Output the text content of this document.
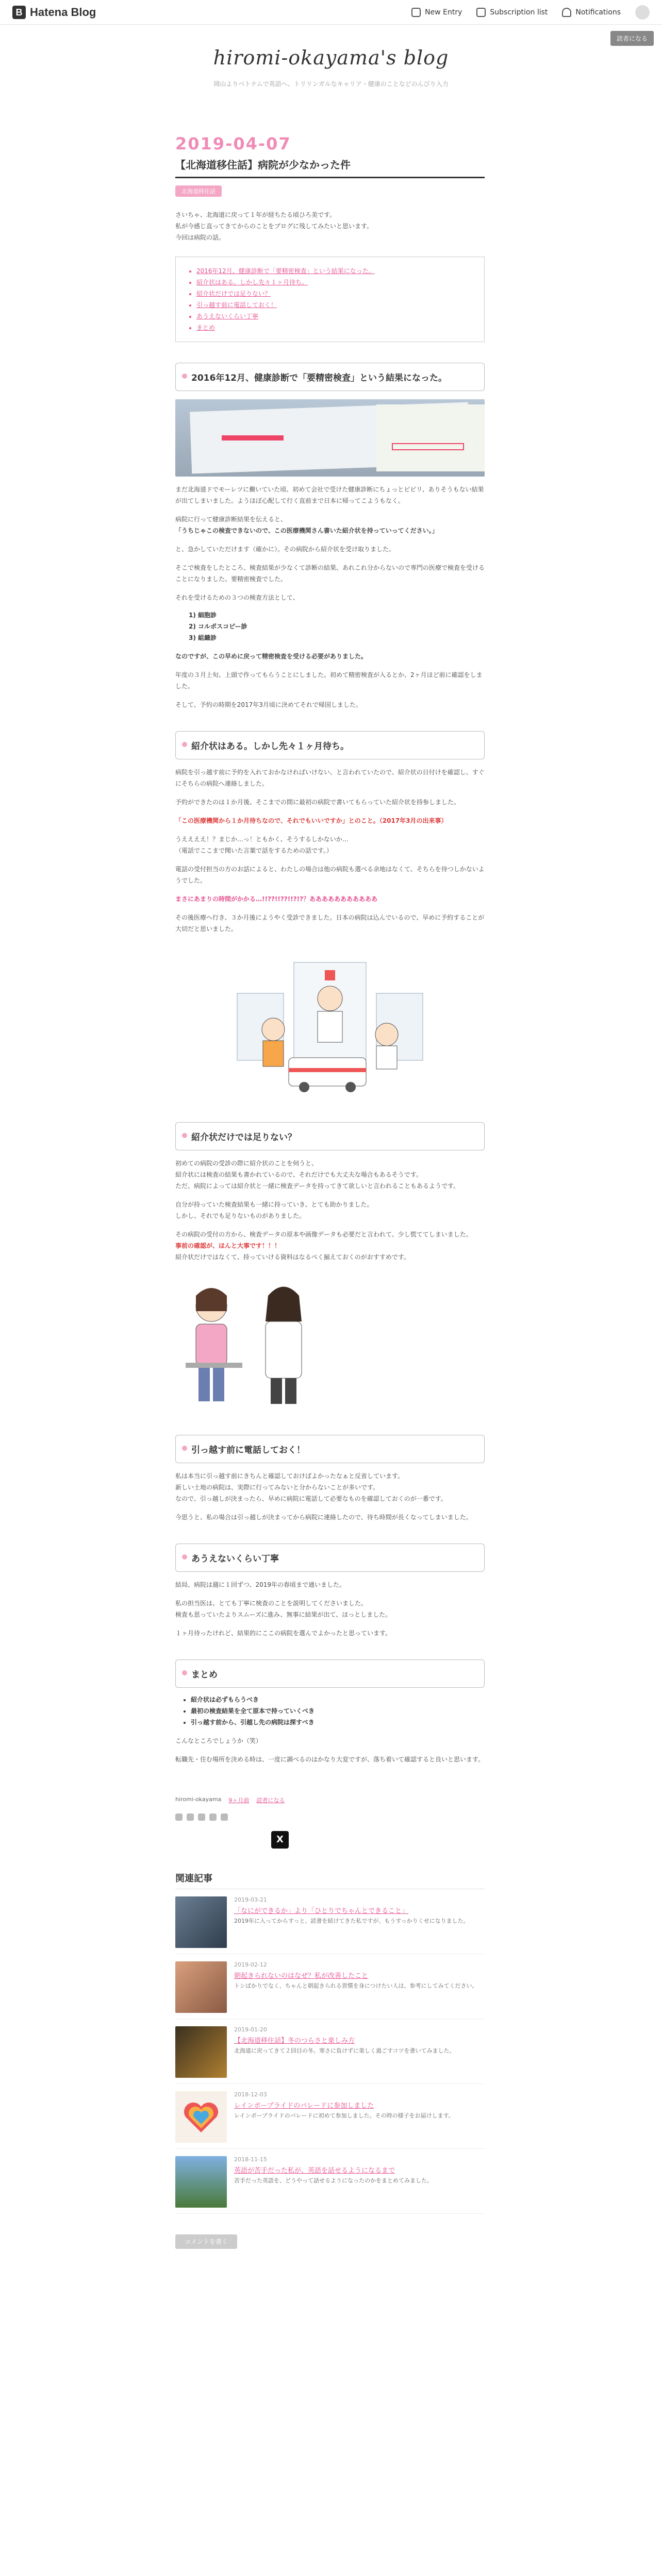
B Hatena Blog	New Entry	Subscription list	Notifications
読者になる
hiromi-okayama's blog
岡山よりベトナムで英語へ、トリリンガルなキャリア・健康のことなどのんびり入力
2019-04-07
【北海道移住話】病院が少なかった件
北海道移住話
さいちゃ、北海道に戻って１年が経ちたる頃ひろ美です。
私が今感じ直ってきてからのことをブログに残してみたいと思います。
今回は病院の話。
• 2016年12月、健康診断で「要精密検査」という結果になった。
• 紹介状はある。しかし先々１ヶ月待ち。
• 紹介状だけでは足りない？
• 引っ越す前に電話しておく！
• あうえないくらい丁寧
• まとめ
2016年12月、健康診断で「要精密検査」という結果になった。
まだ北海道ドでモーレツに働いていた頃、初めて会社で受けた健康診断にちょっとビビリ、ありそうもない結果が出てしまいました。ようほぼ心配して行く直前まで日本に帰ってこようもなく。
病院に行って健康診断結果を伝えると、
「うちじゃこの検査できないので、この医療機関さん書いた紹介状を持っていってください。」
と、急かしていただけます（確かに）。その病院から紹介状を受け取りました。
そこで検査をしたところ、検査結果が少なくて診断の結果、あれこれ分からないので専門の医療で検査を受けることになりました。要精密検査でした。
それを受けるための３つの検査方法として、
1) 細胞診
2) コルポスコピー診
3) 組織診
なのですが、この早めに戻って精密検査を受ける必要がありました。
年度の３月上旬、上頭で作ってもらうことにしました。初めて精密検査が入るとか、2ヶ月ほど前に確認をしました。
そして、予約の時期を2017年3月頃に決めてそれで帰国しました。
紹介状はある。しかし先々１ヶ月待ち。
病院を引っ越す前に予約を入れておかなければいけない、と言われていたので、紹介状の日付けを確認し、すぐにそちらの病院へ連絡しました。
予約ができたのは１か月後、そこまでの間に最初の病院で書いてもらっていた紹介状を持参しました。
「この医療機関から１か月待ちなので、それでもいいですか」とのこと。（2017年3月の出来事）
うええええ！？まじか…っ！ともかく、そうするしかないか…
（電話でここまで聞いた言葉で話をするための話です。）
電話の受付担当の方のお話によると、わたしの場合は他の病院も選べる余地はなくて、そちらを待つしかないようでした。
まさにあまりの時間がかかる…!!??!!??!!?!?？あああああああああああ
その後医療へ行き、３か月後にようやく受診できました。日本の病院は込んでいるので、早めに予約することが大切だと思いました。
紹介状だけでは足りない？
初めての病院の受診の際に紹介状のことを伺うと、
紹介状には検査の結果も書かれているので、それだけでも大丈夫な場合もあるそうです。
ただ、病院によっては紹介状と一緒に検査データを持ってきて欲しいと言われることもあるようです。
自分が持っていた検査結果も一緒に持っていき、とても助かりました。
しかし、それでも足りないものがありました。
その病院の受付の方から、検査データの原本や画像データも必要だと言われて、少し慌ててしまいました。
事前の確認が、ほんと大事です！！！
紹介状だけではなくて、持っていける資料はなるべく揃えておくのがおすすめです。
引っ越す前に電話しておく！
私は本当に引っ越す前にきちんと確認しておけばよかったなぁと反省しています。
新しい土地の病院は、実際に行ってみないと分からないことが多いです。
なので、引っ越しが決まったら、早めに病院に電話して必要なものを確認しておくのが一番です。
今思うと、私の場合は引っ越しが決まってから病院に連絡したので、待ち時間が長くなってしまいました。
あうえないくらい丁寧
結局、病院は週に１回ずつ、2019年の春頃まで通いました。
私の担当医は、とても丁寧に検査のことを説明してくださいました。
検査も思っていたよりスムーズに進み、無事に結果が出て、ほっとしました。
１ヶ月待ったけれど、結果的にここの病院を選んでよかったと思っています。
まとめ
• 紹介状は必ずもらうべき
• 最初の検査結果を全て原本で持っていくべき
• 引っ越す前から、引越し先の病院は探すべき
こんなところでしょうか（笑）
転職先・住む場所を決める時は、一度に調べるのはかなり大変ですが、落ち着いて確認すると良いと思います。
hiromi-okayama 9ヶ月前 読者になる
X
関連記事
2019-03-21
「なにができるか」より「ひとりでちゃんとできること」
2019年に入ってからすっと、読書を続けてきた私ですが、もうすっかりくせになりました。
2019-02-12
朝起きられないのはなぜ？私が改善したこと
トシばかりでなく、ちゃんと朝起きられる習慣を身につけたい人は、参考にしてみてください。
2019-01-20
【北海道移住話】冬のつらさと楽しみ方
北海道に戻ってきて２回目の冬。寒さに負けずに楽しく過ごすコツを書いてみました。
2018-12-03
レインボープライドのパレードに参加しました
レインボープライドのパレードに初めて参加しました。その時の様子をお届けします。
2018-11-15
英語が苦手だった私が、英語を話せるようになるまで
苦手だった英語を、どうやって話せるようになったのかをまとめてみました。
コメントを書く
